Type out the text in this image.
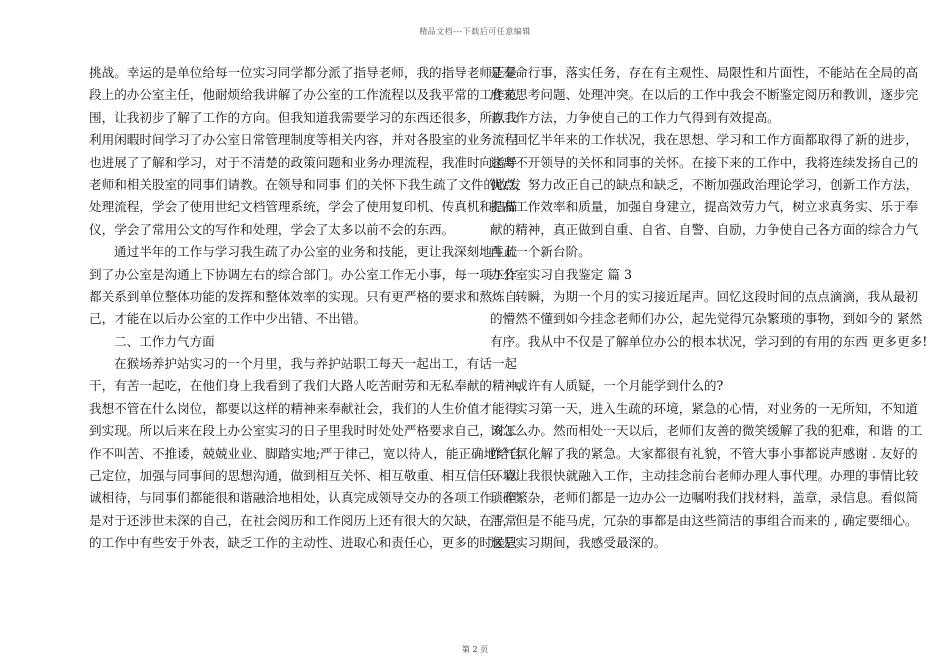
精品文档---下载后可任意编辑
挑战。幸运的是单位给每一位实习同学都分派了指导老师，我的指导老师正是
段上的办公室主任，他耐烦给我讲解了办公室的工作流程以及我平常的工作范
围，让我初步了解了工作的方向。但我知道我需要学习的东西还很多，所以我
利用闲暇时间学习了办公室日常管理制度等相关内容，并对各股室的业务流程
也进展了了解和学习，对于不清楚的政策问题和业务办理流程，我准时向指导
老师和相关股室的同事们请教。在领导和同事 们的关怀下我生疏了文件的收发
处理流程，学会了使用世纪文档管理系统，学会了使用复印机、传真机和扫描
仪，学会了常用公文的写作和处理，学会了太多以前不会的东西。
通过半年的工作与学习我生疏了办公室的业务和技能，更让我深刻地生疏
到了办公室是沟通上下协调左右的综合部门。办公室工作无小事，每一项工作
都关系到单位整体功能的发挥和整体效率的实现。只有更严格的要求和熬炼自
己，才能在以后办公室的工作中少出错、不出错。
二、工作力气方面
在猴场养护站实习的一个月里，我与养护站职工每天一起出工，有话一起
干，有苦一起吃，在他们身上我看到了我们大路人吃苦耐劳和无私奉献的精神，
我想不管在什么岗位，都要以这样的精神来奉献社会，我们的人生价值才能得
到实现。所以后来在段上办公室实习的日子里我时时处处严格要求自己，对工
作不叫苦、不推诿，兢兢业业、脚踏实地;严于律己，宽以待人，能正确地给自
己定位，加强与同事间的思想沟通，做到相互关怀、相互敬重、相互信任、以
诚相待，与同事们都能很和谐融洽地相处，认真完成领导交办的各项工作。但
是对于还涉世未深的自己，在社会阅历和工作阅历上还有很大的欠缺，在平常
的工作中有些安于外表，缺乏工作的主动性、进取心和责任心，更多的时候只
是奉命行事，落实任务，存在有主观性、局限性和片面性，不能站在全局的高
度来思考问题、处理冲突。在以后的工作中我会不断鉴定阅历和教训，逐步完
善工作方法，力争使自己的工作力气得到有效提高。
回忆半年来的工作状况，我在思想、学习和工作方面都取得了新的进步，
这离不开领导的关怀和同事的关怀。在接下来的工作中，我将连续发扬自己的
优点，努力改正自己的缺点和缺乏，不断加强政治理论学习，创新工作方法，
提高工作效率和质量，加强自身建立，提高效劳力气，树立求真务实、乐于奉
献的精神，真正做到自重、自省、自警、自励，力争使自己各方面的综合力气
再上一个新台阶。
办公室实习自我鉴定 篇 3
转瞬，为期一个月的实习接近尾声。回忆这段时间的点点滴滴，我从最初
的懵然不懂到如今挂念老师们办公，起先觉得冗杂繁琐的事物，到如今的 紧然
有序。我从中不仅是了解单位办公的根本状况，学习到的有用的东西 更多更多!
或许有人质疑，一个月能学到什么的?
实习第一天，进入生疏的环境，紧急的心情，对业务的一无所知，不知道
该怎么办。然而相处一天以后，老师们友善的微笑缓解了我的犯难，和谐 的工
作气氛化解了我的紧急。大家都很有礼貌，不管大事小事都说声感谢 . 友好的
环境让我很快就融入工作，主动挂念前台老师办理人事代理。办理的事情比较
琐碎繁杂，老师们都是一边办公一边嘱咐我们找材料，盖章，录信息。看似简
洁，但是不能马虎，冗杂的事都是由这些简洁的事组合而来的 , 确定要细心。
这是实习期间，我感受最深的。
第 2 页
